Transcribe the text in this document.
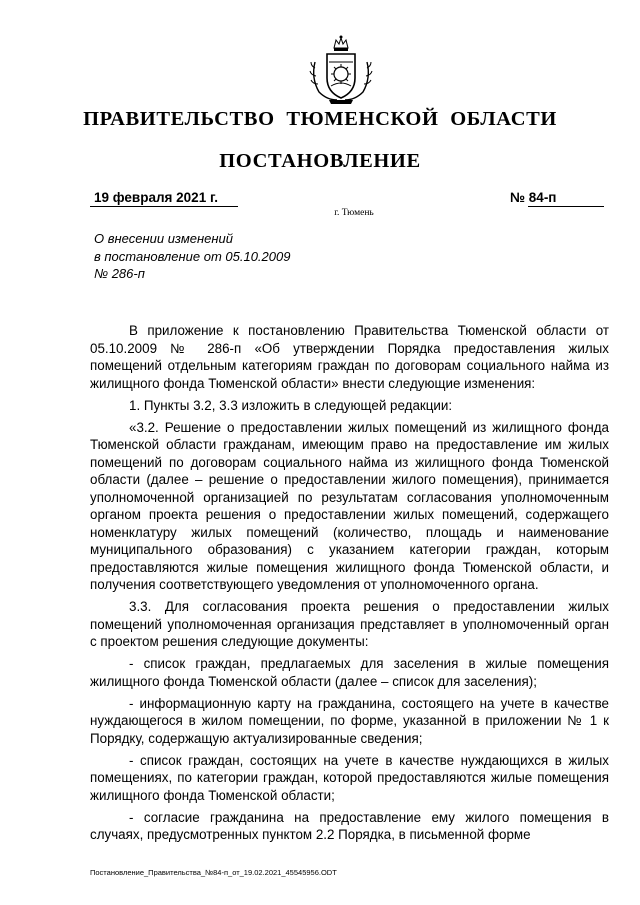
ПРАВИТЕЛЬСТВО ТЮМЕНСКОЙ ОБЛАСТИ
ПОСТАНОВЛЕНИЕ
19 февраля 2021 г.	№ 84-п
г. Тюмень
О внесении изменений
в постановление от 05.10.2009
№ 286-п

В приложение к постановлению Правительства Тюменской области от 05.10.2009 № 286-п «Об утверждении Порядка предоставления жилых помещений отдельным категориям граждан по договорам социального найма из жилищного фонда Тюменской области» внести следующие изменения:

1. Пункты 3.2, 3.3 изложить в следующей редакции:

«3.2. Решение о предоставлении жилых помещений из жилищного фонда Тюменской области гражданам, имеющим право на предоставление им жилых помещений по договорам социального найма из жилищного фонда Тюменской области (далее – решение о предоставлении жилого помещения), принимается уполномоченной организацией по результатам согласования уполномоченным органом проекта решения о предоставлении жилых помещений, содержащего номенклатуру жилых помещений (количество, площадь и наименование муниципального образования) с указанием категории граждан, которым предоставляются жилые помещения жилищного фонда Тюменской области, и получения соответствующего уведомления от уполномоченного органа.

3.3. Для согласования проекта решения о предоставлении жилых помещений уполномоченная организация представляет в уполномоченный орган с проектом решения следующие документы:

- список граждан, предлагаемых для заселения в жилые помещения жилищного фонда Тюменской области (далее – список для заселения);

- информационную карту на гражданина, состоящего на учете в качестве нуждающегося в жилом помещении, по форме, указанной в приложении № 1 к Порядку, содержащую актуализированные сведения;

- список граждан, состоящих на учете в качестве нуждающихся в жилых помещениях, по категории граждан, которой предоставляются жилые помещения жилищного фонда Тюменской области;

- согласие гражданина на предоставление ему жилого помещения в случаях, предусмотренных пунктом 2.2 Порядка, в письменной форме

Постановление_Правительства_№84-п_от_19.02.2021_45545956.ODT
